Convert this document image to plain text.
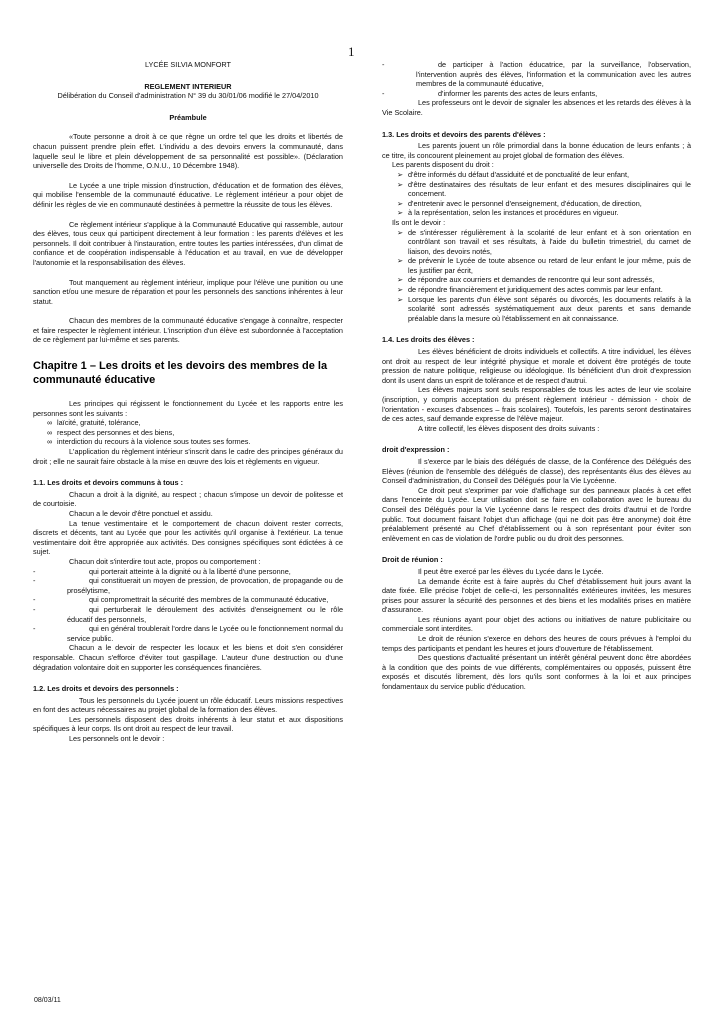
1
LYCÉE SILVIA MONFORT
REGLEMENT INTERIEUR
Délibération du Conseil d'administration N° 39 du 30/01/06 modifié le 27/04/2010
Préambule

«Toute personne a droit à ce que règne un ordre tel que les droits et libertés de chacun puissent prendre plein effet. L'individu a des devoirs envers la communauté, dans laquelle seul le libre et plein développement de sa personnalité est possible». (Déclaration universelle des Droits de l'homme, O.N.U., 10 Décembre 1948).

Le Lycée a une triple mission d'instruction, d'éducation et de formation des élèves, qui mobilise l'ensemble de la communauté éducative. Le règlement intérieur a pour objet de définir les règles de vie en communauté destinées à permettre la réussite de tous les élèves.

Ce règlement intérieur s'applique à la Communauté Educative qui rassemble, autour des élèves, tous ceux qui participent directement à leur formation : les parents d'élèves et les personnels. Il doit contribuer à l'instauration, entre toutes les parties intéressées, d'un climat de confiance et de coopération indispensable à l'éducation et au travail, en vue de développer l'autonomie et la responsabilisation des élèves.

Tout manquement au règlement intérieur, implique pour l'élève une punition ou une sanction et/ou une mesure de réparation et pour les personnels des sanctions inhérentes à leur statut.

Chacun des membres de la communauté éducative s'engage à connaître, respecter et faire respecter le règlement intérieur. L'inscription d'un élève est subordonnée à l'acceptation de ce règlement par lui-même et ses parents.

Chapitre 1 – Les droits et les devoirs des membres de la communauté éducative

Les principes qui régissent le fonctionnement du Lycée et les rapports entre les personnes sont les suivants :

∞ laïcité, gratuité, tolérance,
∞ respect des personnes et des biens,
∞ interdiction du recours à la violence sous toutes ses formes.

L'application du règlement intérieur s'inscrit dans le cadre des principes généraux du droit ; elle ne saurait faire obstacle à la mise en œuvre des lois et règlements en vigueur.

1.1. Les droits et devoirs communs à tous :

Chacun a droit à la dignité, au respect ; chacun s'impose un devoir de politesse et de courtoisie.

Chacun a le devoir d'être ponctuel et assidu.

La tenue vestimentaire et le comportement de chacun doivent rester corrects, discrets et décents, tant au Lycée que pour les activités qu'il organise à l'extérieur. La tenue vestimentaire doit être appropriée aux activités. Des consignes spécifiques sont édictées à ce sujet.

Chacun doit s'interdire tout acte, propos ou comportement :

-	qui porterait atteinte à la dignité ou à la liberté d'une personne,
-	qui constituerait un moyen de pression, de provocation, de propagande ou de prosélytisme,
-	qui compromettrait la sécurité des membres de la communauté éducative,
-	qui perturberait le déroulement des activités d'enseignement ou le rôle éducatif des personnels,
-	qui en général troublerait l'ordre dans le Lycée ou le fonctionnement normal du service public.

Chacun a le devoir de respecter les locaux et les biens et doit s'en considérer responsable. Chacun s'efforce d'éviter tout gaspillage. L'auteur d'une destruction ou d'une dégradation volontaire doit en supporter les conséquences financières.

1.2. Les droits et devoirs des personnels :

Tous les personnels du Lycée jouent un rôle éducatif. Leurs missions respectives en font des acteurs nécessaires au projet global de la formation des élèves.

Les personnels disposent des droits inhérents à leur statut et aux dispositions spécifiques à leur corps. Ils ont droit au respect de leur travail.

Les personnels ont le devoir :

-	de participer à l'action éducatrice, par la surveillance, l'observation, l'intervention auprès des élèves, l'information et la communication avec les autres membres de la communauté éducative,
-	d'informer les parents des actes de leurs enfants,

Les professeurs ont le devoir de signaler les absences et les retards des élèves à la Vie Scolaire.

1.3. Les droits et devoirs des parents d'élèves :

Les parents jouent un rôle primordial dans la bonne éducation de leurs enfants ; à ce titre, ils concourent pleinement au projet global de formation des élèves.

Les parents disposent du droit :
➢ d'être informés du défaut d'assiduité et de ponctualité de leur enfant,
➢ d'être destinataires des résultats de leur enfant et des mesures disciplinaires qui le concernent.
➢ d'entretenir avec le personnel d'enseignement, d'éducation, de direction,
➢ à la représentation, selon les instances et procédures en vigueur.
Ils ont le devoir :
➢ de s'intéresser régulièrement à la scolarité de leur enfant et à son orientation en contrôlant son travail et ses résultats, à l'aide du bulletin trimestriel, du carnet de liaison, des devoirs notés,
➢ de prévenir le Lycée de toute absence ou retard de leur enfant le jour même, puis de les justifier par écrit,
➢ de répondre aux courriers et demandes de rencontre qui leur sont adressés,
➢ de répondre financièrement et juridiquement des actes commis par leur enfant.
➢ Lorsque les parents d'un élève sont séparés ou divorcés, les documents relatifs à la scolarité sont adressés systématiquement aux deux parents et sans demande préalable dans la mesure où l'établissement en ait connaissance.
1.4. Les droits des élèves :

Les élèves bénéficient de droits individuels et collectifs. A titre individuel, les élèves ont droit au respect de leur intégrité physique et morale et doivent être protégés de toute pression de nature politique, religieuse ou idéologique. Ils bénéficient d'un droit d'expression dont ils usent dans un esprit de tolérance et de respect d'autrui.

Les élèves majeurs sont seuls responsables de tous les actes de leur vie scolaire (inscription, y compris acceptation du présent règlement intérieur - démission - choix de l'orientation - excuses d'absences – frais scolaires). Toutefois, les parents seront destinataires de ces actes, sauf demande expresse de l'élève majeur.

A titre collectif, les élèves disposent des droits suivants :

droit d'expression :

Il s'exerce par le biais des délégués de classe, de la Conférence des Délégués des Elèves (réunion de l'ensemble des délégués de classe), des représentants élus des élèves au Conseil d'administration, du Conseil des Délégués pour la Vie Lycéenne.

Ce droit peut s'exprimer par voie d'affichage sur des panneaux placés à cet effet dans l'enceinte du Lycée. Leur utilisation doit se faire en collaboration avec le bureau du Conseil des Délégués pour la Vie Lycéenne dans le respect des droits d'autrui et de l'ordre public. Tout document faisant l'objet d'un affichage (qui ne doit pas être anonyme) doit être préalablement présenté au Chef d'établissement ou à son représentant pour éviter son enlèvement en cas de violation de l'ordre public ou du droit des personnes.

Droit de réunion :

Il peut être exercé par les élèves du Lycée dans le Lycée.

La demande écrite est à faire auprès du Chef d'établissement huit jours avant la date fixée. Elle précise l'objet de celle-ci, les personnalités extérieures invitées, les mesures prises pour assurer la sécurité des personnes et des biens et les modalités prises en matière d'assurance.

Les réunions ayant pour objet des actions ou initiatives de nature publicitaire ou commerciale sont interdites.

Le droit de réunion s'exerce en dehors des heures de cours prévues à l'emploi du temps des participants et pendant les heures et jours d'ouverture de l'établissement.

Des questions d'actualité présentant un intérêt général peuvent donc être abordées à la condition que des points de vue différents, complémentaires ou opposés, puissent être exposés et discutés librement, dès lors qu'ils sont conformes à la loi et aux principes fondamentaux du service public d'éducation.

08/03/11
